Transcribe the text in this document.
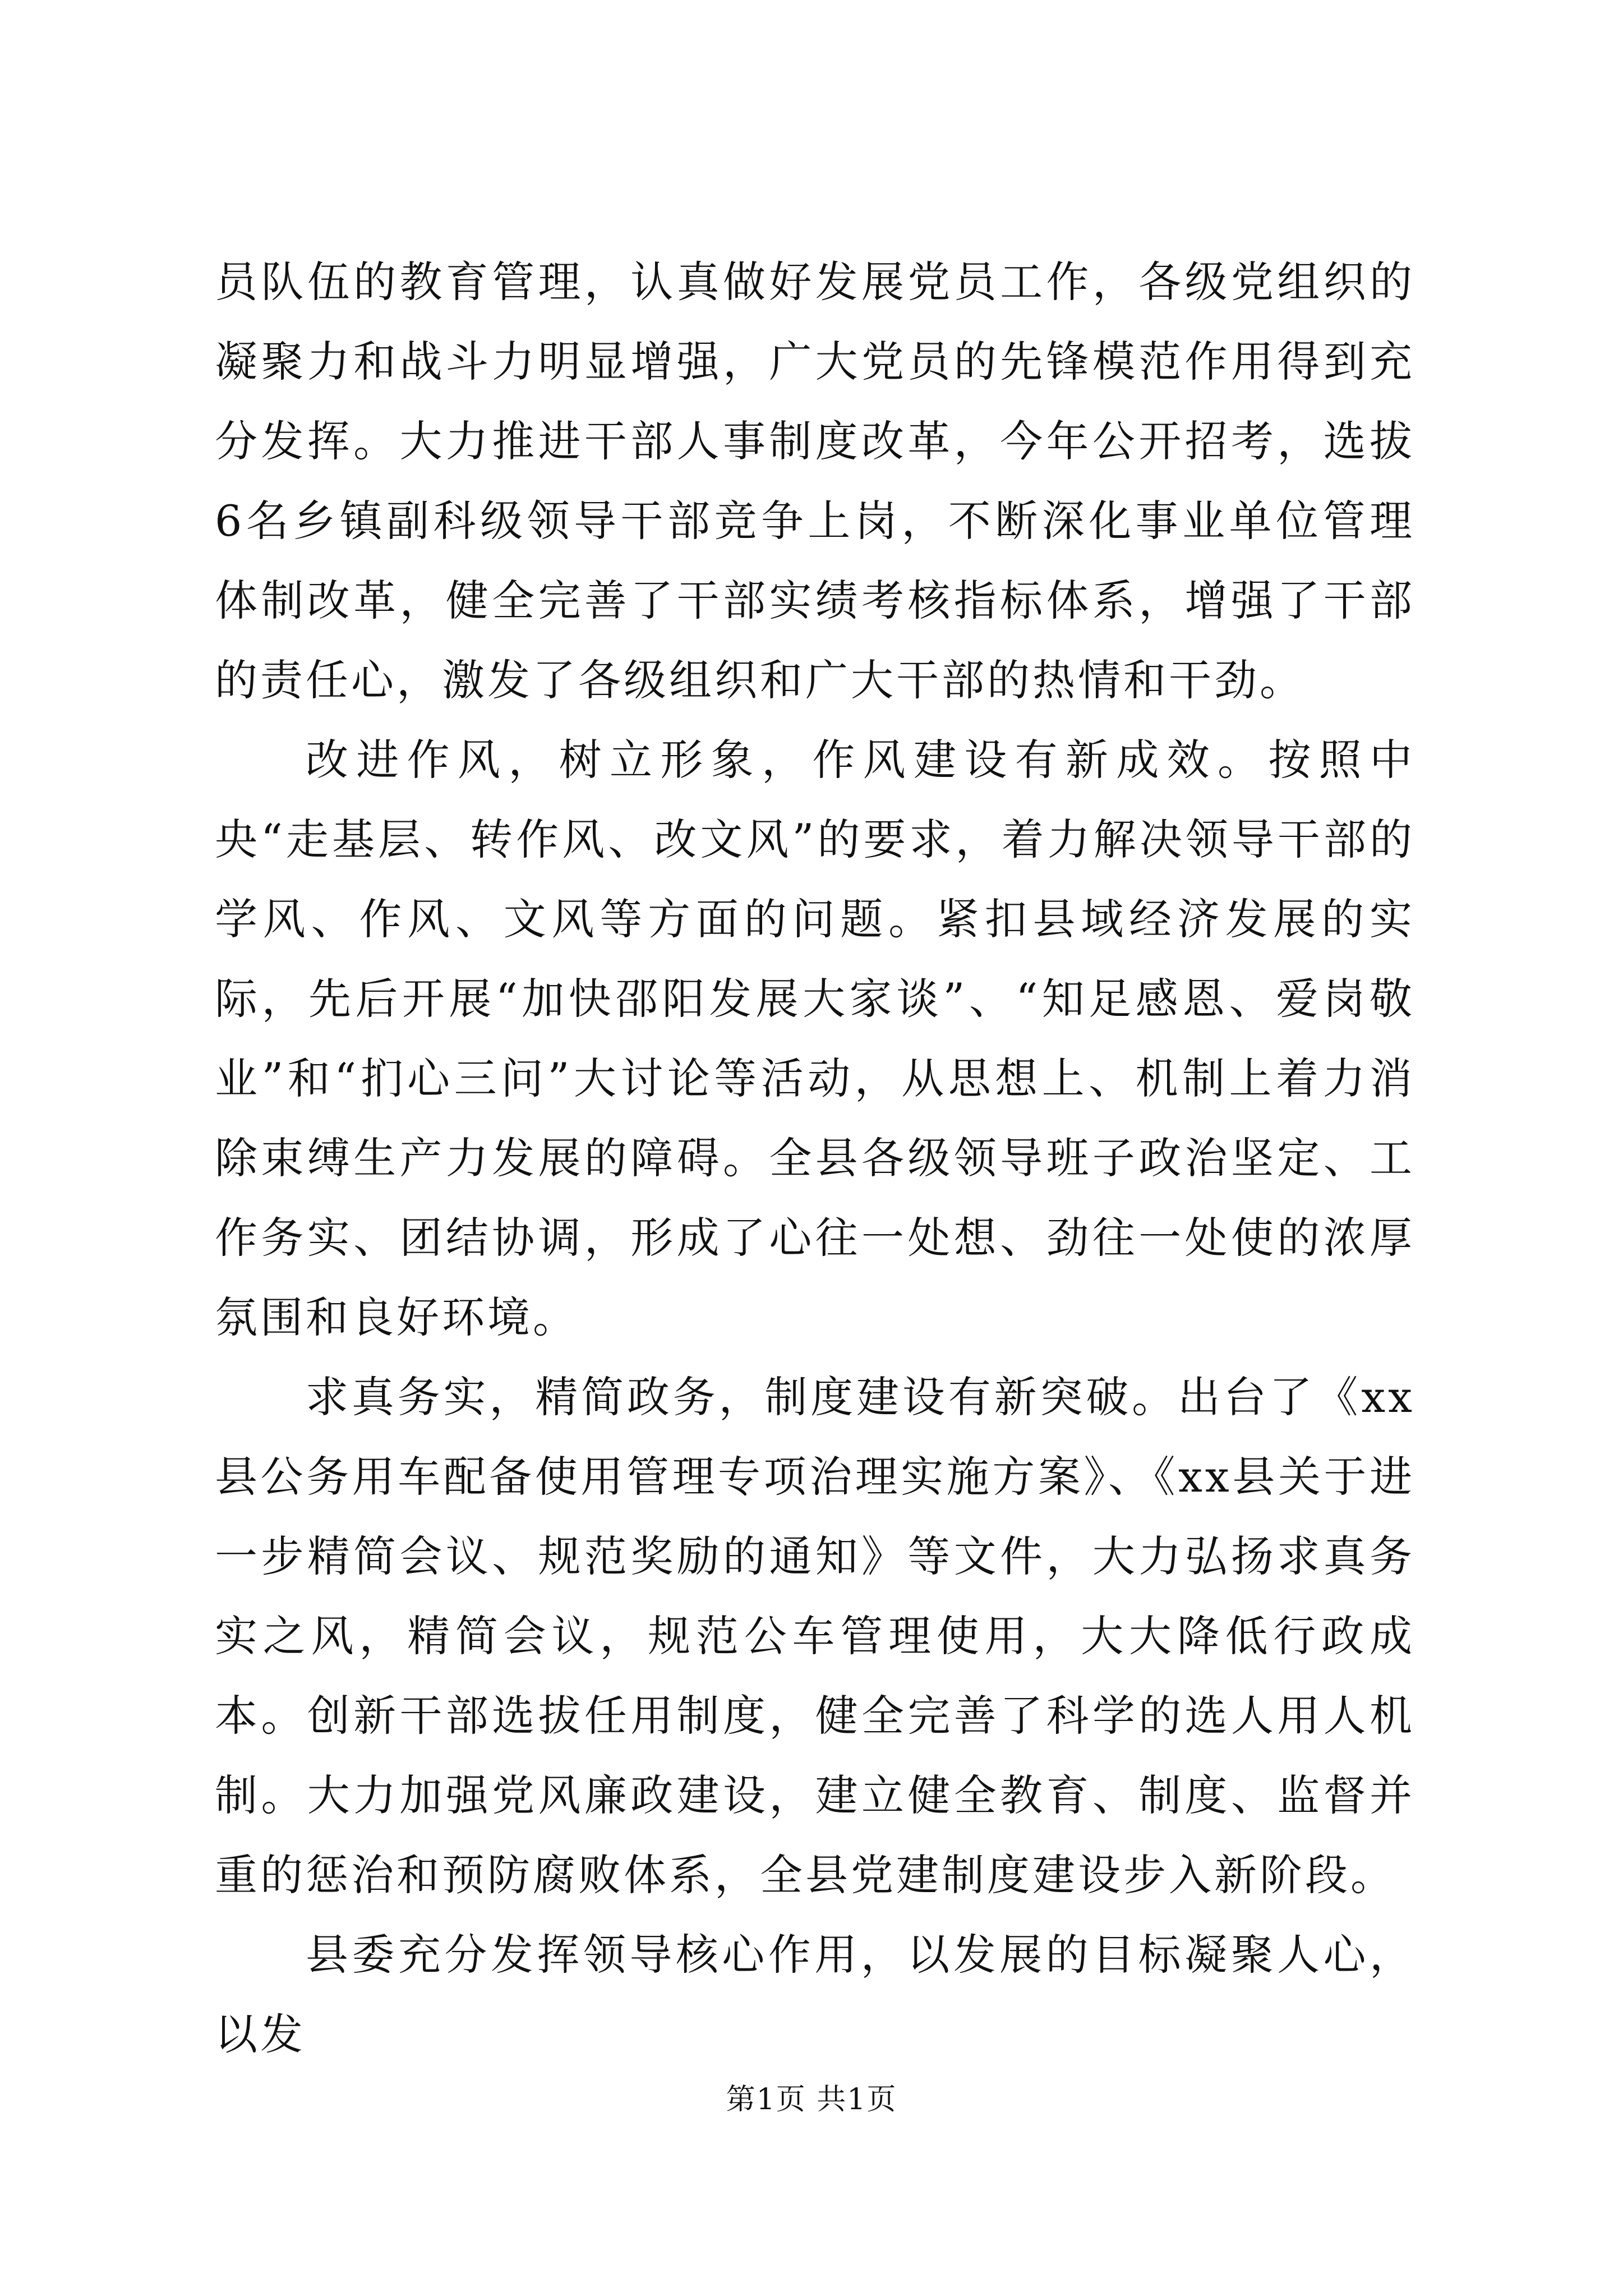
员队伍的教育管理，认真做好发展党员工作，各级党组织的凝聚力和战斗力明显增强，广大党员的先锋模范作用得到充分发挥。大力推进干部人事制度改革，今年公开招考，选拔6名乡镇副科级领导干部竞争上岗，不断深化事业单位管理体制改革，健全完善了干部实绩考核指标体系，增强了干部的责任心，激发了各级组织和广大干部的热情和干劲。

改进作风，树立形象，作风建设有新成效。按照中央“走基层、转作风、改文风”的要求，着力解决领导干部的学风、作风、文风等方面的问题。紧扣县域经济发展的实际，先后开展“加快邵阳发展大家谈”、“知足感恩、爱岗敬业”和“扪心三问”大讨论等活动，从思想上、机制上着力消除束缚生产力发展的障碍。全县各级领导班子政治坚定、工作务实、团结协调，形成了心往一处想、劲往一处使的浓厚氛围和良好环境。

求真务实，精简政务，制度建设有新突破。出台了《xx县公务用车配备使用管理专项治理实施方案》、《xx县关于进一步精简会议、规范奖励的通知》等文件，大力弘扬求真务实之风，精简会议，规范公车管理使用，大大降低行政成本。创新干部选拔任用制度，健全完善了科学的选人用人机制。大力加强党风廉政建设，建立健全教育、制度、监督并重的惩治和预防腐败体系，全县党建制度建设步入新阶段。

县委充分发挥领导核心作用，以发展的目标凝聚人心，以发

第1页 共1页
